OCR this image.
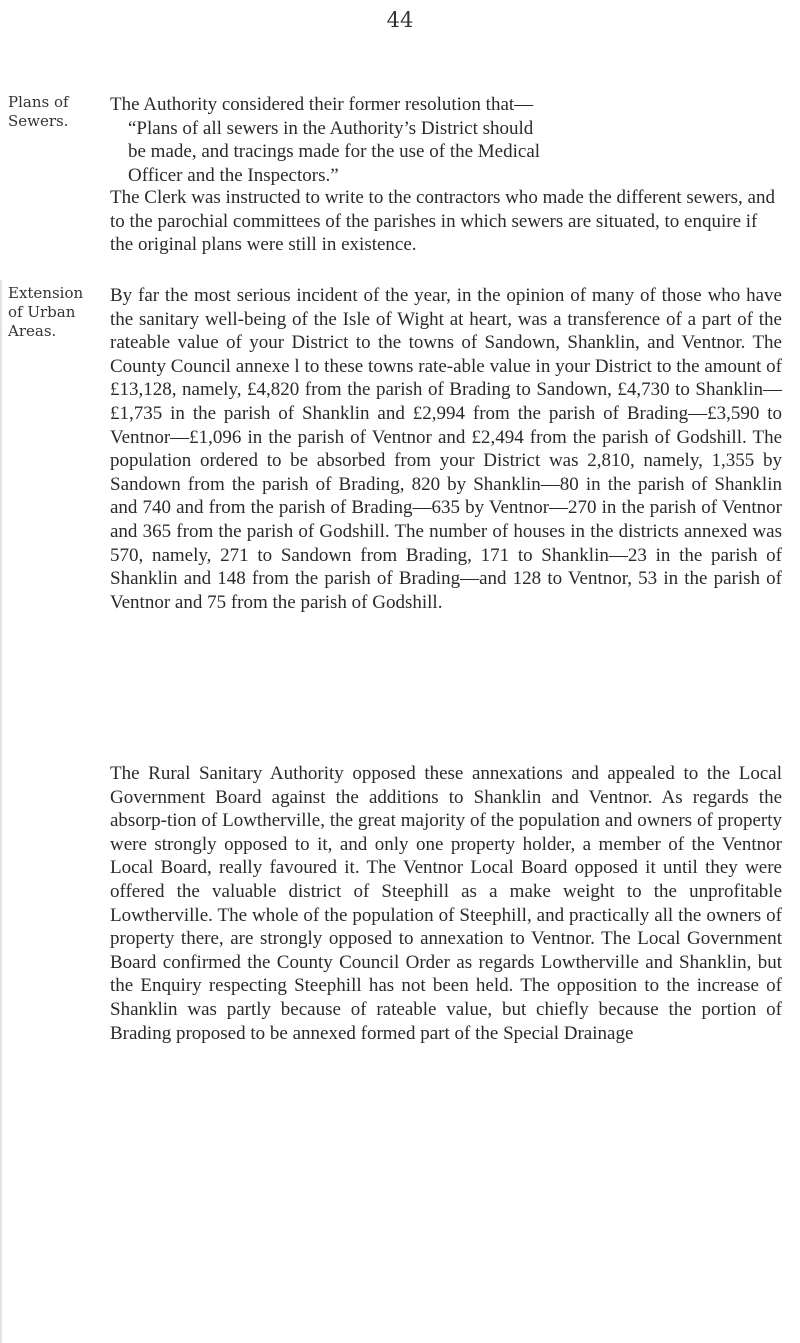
44
Plans of Sewers.
Extension of Urban Areas.

The Authority considered their former resolution that—

“Plans of all sewers in the Authority’s District should
be made, and tracings made for the use of the Medical
Officer and the Inspectors.”

The Clerk was instructed to write to the contractors who made the different sewers, and to the parochial committees of the parishes in which sewers are situated, to enquire if the original plans were still in existence.

By far the most serious incident of the year, in the opinion of many of those who have the sanitary well-being of the Isle of Wight at heart, was a transference of a part of the rateable value of your District to the towns of Sandown, Shanklin, and Ventnor. The County Council annexe l to these towns rate-able value in your District to the amount of £13,128, namely, £4,820 from the parish of Brading to Sandown, £4,730 to Shanklin—£1,735 in the parish of Shanklin and £2,994 from the parish of Brading—£3,590 to Ventnor—£1,096 in the parish of Ventnor and £2,494 from the parish of Godshill. The population ordered to be absorbed from your District was 2,810, namely, 1,355 by Sandown from the parish of Brading, 820 by Shanklin—80 in the parish of Shanklin and 740 and from the parish of Brading—635 by Ventnor—270 in the parish of Ventnor and 365 from the parish of Godshill. The number of houses in the districts annexed was 570, namely, 271 to Sandown from Brading, 171 to Shanklin—23 in the parish of Shanklin and 148 from the parish of Brading—and 128 to Ventnor, 53 in the parish of Ventnor and 75 from the parish of Godshill.

The Rural Sanitary Authority opposed these annexations and appealed to the Local Government Board against the additions to Shanklin and Ventnor. As regards the absorp-tion of Lowtherville, the great majority of the population and owners of property were strongly opposed to it, and only one property holder, a member of the Ventnor Local Board, really favoured it. The Ventnor Local Board opposed it until they were offered the valuable district of Steephill as a make weight to the unprofitable Lowtherville. The whole of the population of Steephill, and practically all the owners of property there, are strongly opposed to annexation to Ventnor. The Local Government Board confirmed the County Council Order as regards Lowtherville and Shanklin, but the Enquiry respecting Steephill has not been held. The opposition to the increase of Shanklin was partly because of rateable value, but chiefly because the portion of Brading proposed to be annexed formed part of the Special Drainage
